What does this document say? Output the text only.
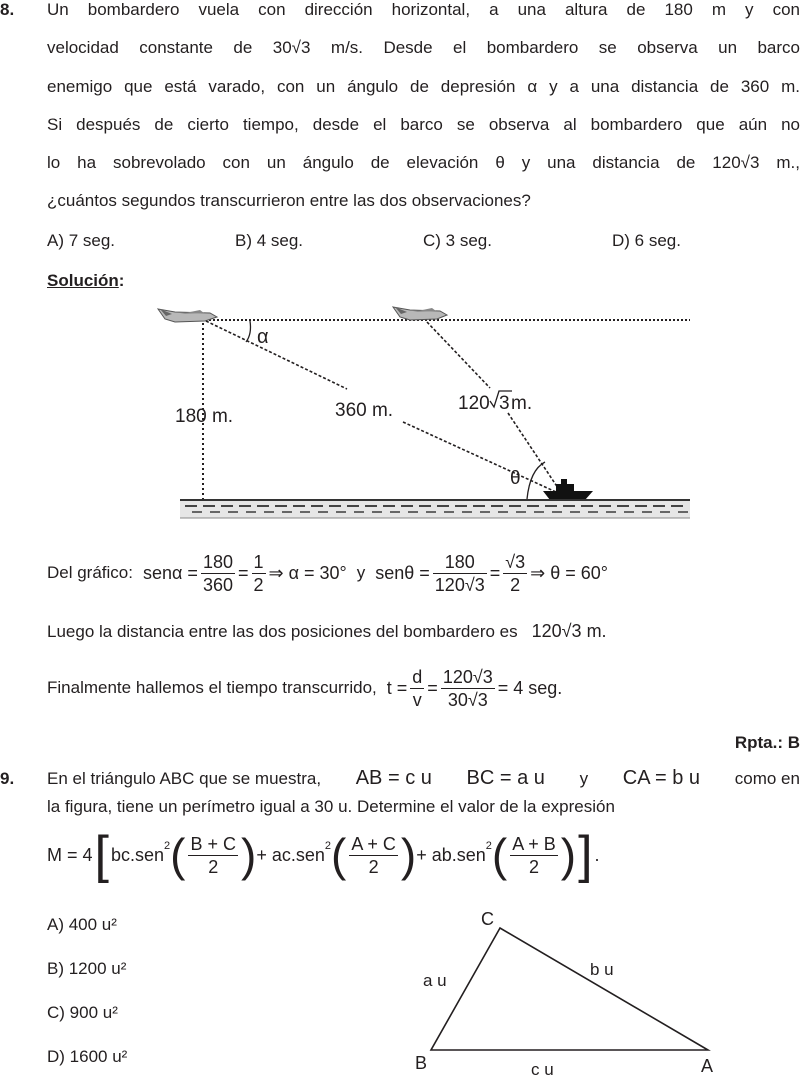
8. Un bombardero vuela con dirección horizontal, a una altura de 180 m y con
velocidad constante de 30√3 m/s. Desde el bombardero se observa un barco
enemigo que está varado, con un ángulo de depresión α y a una distancia de 360 m.
Si después de cierto tiempo, desde el barco se observa al bombardero que aún no
lo ha sobrevolado con un ángulo de elevación θ y una distancia de 120√3 m.,
¿cuántos segundos transcurrieron entre las dos observaciones?
A) 7 seg.	B) 4 seg.	C) 3 seg.	D) 6 seg.
Solución:
α
θ
180 m.	360 m.	120 3 m.
Del gráfico: $sen\alpha = \frac{180}{360} = \frac{1}{2}$ ⇒ α = 30° y $sen\theta = \frac{180}{120√3} = \frac{√3}{2}$ ⇒ θ = 60°
Luego la distancia entre las dos posiciones del bombardero es 120√3 m.
Finalmente hallemos el tiempo transcurrido, $t = \frac{d}{v} = \frac{120√3}{30√3} = 4$ seg.
Rpta.: B
9. En el triángulo ABC que se muestra, AB = c u BC = a u y CA = b u como en
la figura, tiene un perímetro igual a 30 u. Determine el valor de la expresión
M = 4 [ bc.sen$^2$ ( $\frac{B + C}{2}$ ) + ac.sen$^2$ ( $\frac{A + C}{2}$ ) + ab.sen$^2$ ( $\frac{A + B}{2}$ ) ] .
A) 400 u²
B) 1200 u²
C) 900 u²
D) 1600 u²
C
B	A
a u
b u
c u
